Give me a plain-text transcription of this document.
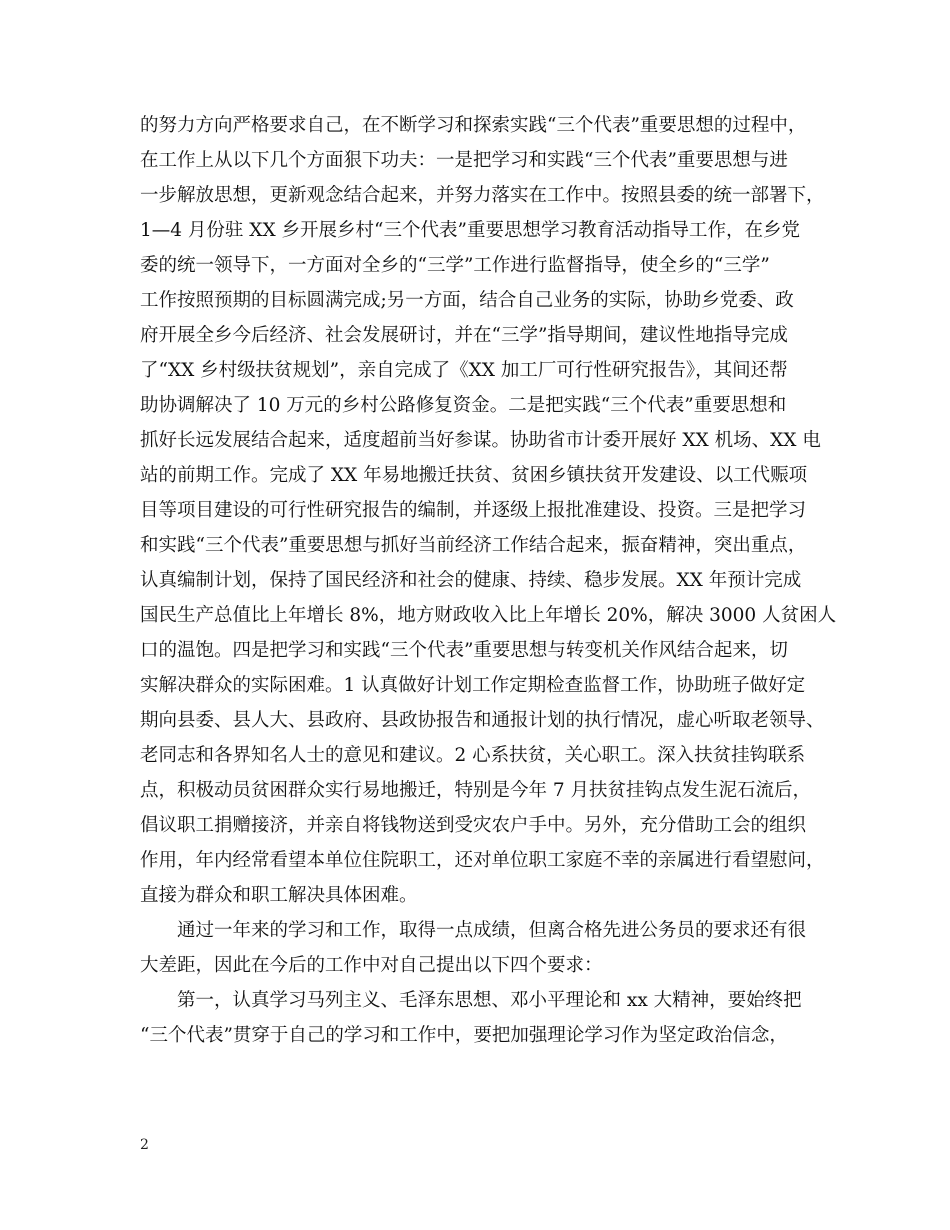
的努力方向严格要求自己，在不断学习和探索实践“三个代表”重要思想的过程中，
在工作上从以下几个方面狠下功夫：一是把学习和实践“三个代表”重要思想与进
一步解放思想，更新观念结合起来，并努力落实在工作中。按照县委的统一部署下，
1—4 月份驻 XX 乡开展乡村“三个代表”重要思想学习教育活动指导工作，在乡党
委的统一领导下，一方面对全乡的“三学”工作进行监督指导，使全乡的“三学”
工作按照预期的目标圆满完成;另一方面，结合自己业务的实际，协助乡党委、政
府开展全乡今后经济、社会发展研讨，并在“三学”指导期间，建议性地指导完成
了“XX 乡村级扶贫规划”，亲自完成了《XX 加工厂可行性研究报告》，其间还帮
助协调解决了 10 万元的乡村公路修复资金。二是把实践“三个代表”重要思想和
抓好长远发展结合起来，适度超前当好参谋。协助省市计委开展好 XX 机场、XX 电
站的前期工作。完成了 XX 年易地搬迁扶贫、贫困乡镇扶贫开发建设、以工代赈项
目等项目建设的可行性研究报告的编制，并逐级上报批准建设、投资。三是把学习
和实践“三个代表”重要思想与抓好当前经济工作结合起来，振奋精神，突出重点，
认真编制计划，保持了国民经济和社会的健康、持续、稳步发展。XX 年预计完成
国民生产总值比上年增长 8%，地方财政收入比上年增长 20%，解决 3000 人贫困人
口的温饱。四是把学习和实践“三个代表”重要思想与转变机关作风结合起来，切
实解决群众的实际困难。1 认真做好计划工作定期检查监督工作，协助班子做好定
期向县委、县人大、县政府、县政协报告和通报计划的执行情况，虚心听取老领导、
老同志和各界知名人士的意见和建议。2 心系扶贫，关心职工。深入扶贫挂钩联系
点，积极动员贫困群众实行易地搬迁，特别是今年 7 月扶贫挂钩点发生泥石流后，
倡议职工捐赠接济，并亲自将钱物送到受灾农户手中。另外，充分借助工会的组织
作用，年内经常看望本单位住院职工，还对单位职工家庭不幸的亲属进行看望慰问，
直接为群众和职工解决具体困难。
通过一年来的学习和工作，取得一点成绩，但离合格先进公务员的要求还有很
大差距，因此在今后的工作中对自己提出以下四个要求：
第一，认真学习马列主义、毛泽东思想、邓小平理论和 xx 大精神，要始终把
“三个代表”贯穿于自己的学习和工作中，要把加强理论学习作为坚定政治信念，
2
